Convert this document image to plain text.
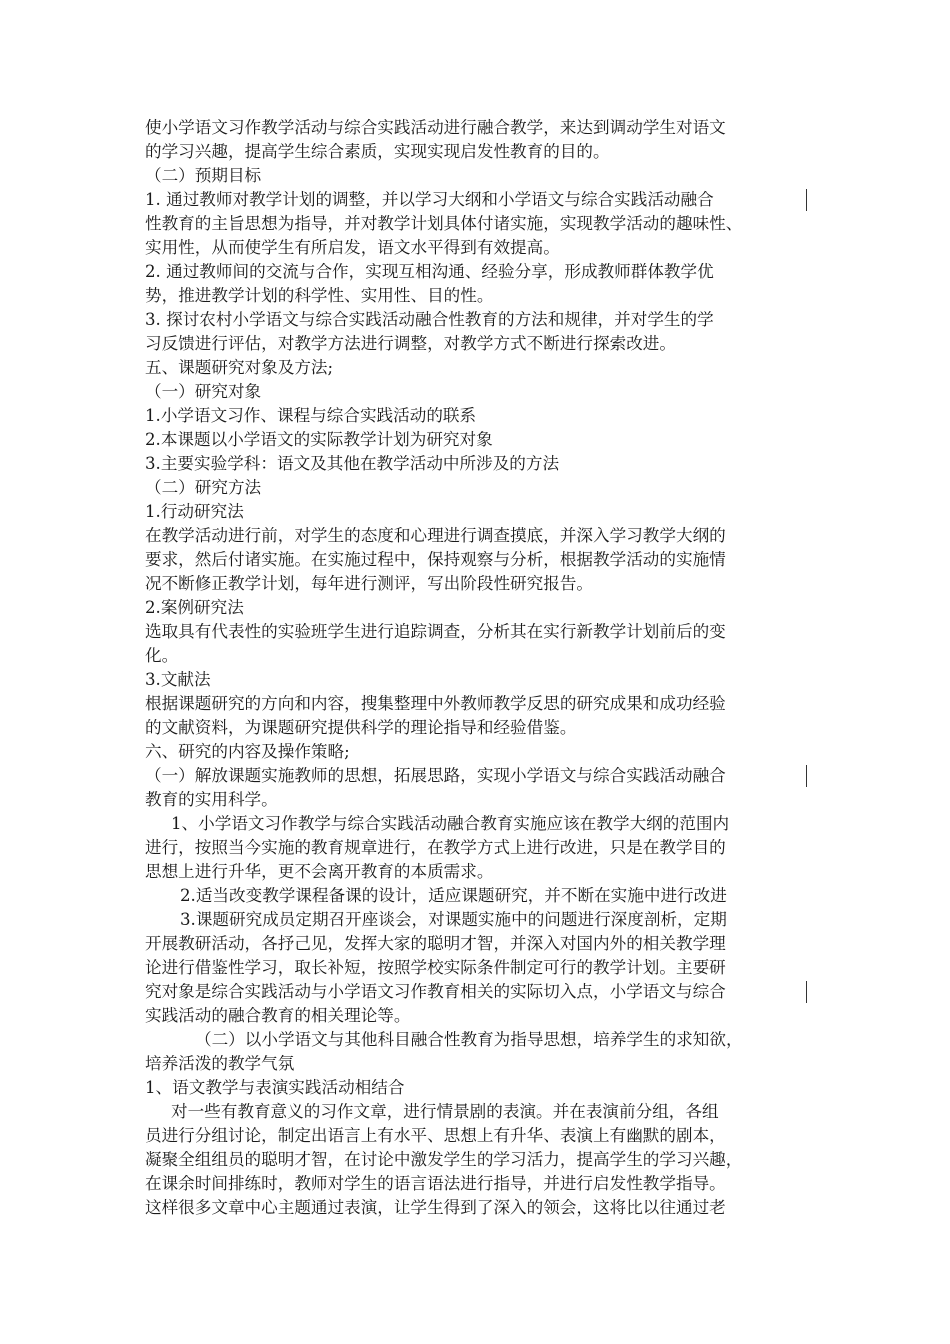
使小学语文习作教学活动与综合实践活动进行融合教学，来达到调动学生对语文
的学习兴趣，提高学生综合素质，实现实现启发性教育的目的。
（二）预期目标
1. 通过教师对教学计划的调整，并以学习大纲和小学语文与综合实践活动融合
性教育的主旨思想为指导，并对教学计划具体付诸实施，实现教学活动的趣味性、
实用性，从而使学生有所启发，语文水平得到有效提高。
2. 通过教师间的交流与合作，实现互相沟通、经验分享，形成教师群体教学优
势，推进教学计划的科学性、实用性、目的性。
3. 探讨农村小学语文与综合实践活动融合性教育的方法和规律，并对学生的学
习反馈进行评估，对教学方法进行调整，对教学方式不断进行探索改进。
五、课题研究对象及方法;
（一）研究对象
1.小学语文习作、课程与综合实践活动的联系
2.本课题以小学语文的实际教学计划为研究对象
3.主要实验学科：语文及其他在教学活动中所涉及的方法
（二）研究方法
1.行动研究法
在教学活动进行前，对学生的态度和心理进行调查摸底，并深入学习教学大纲的
要求，然后付诸实施。在实施过程中，保持观察与分析，根据教学活动的实施情
况不断修正教学计划，每年进行测评，写出阶段性研究报告。
2.案例研究法
选取具有代表性的实验班学生进行追踪调查，分析其在实行新教学计划前后的变
化。
3.文献法
根据课题研究的方向和内容，搜集整理中外教师教学反思的研究成果和成功经验
的文献资料，为课题研究提供科学的理论指导和经验借鉴。
六、研究的内容及操作策略;
（一）解放课题实施教师的思想，拓展思路，实现小学语文与综合实践活动融合
教育的实用科学。
1、小学语文习作教学与综合实践活动融合教育实施应该在教学大纲的范围内
进行，按照当今实施的教育规章进行，在教学方式上进行改进，只是在教学目的
思想上进行升华，更不会离开教育的本质需求。
2.适当改变教学课程备课的设计，适应课题研究，并不断在实施中进行改进
3.课题研究成员定期召开座谈会，对课题实施中的问题进行深度剖析，定期
开展教研活动，各抒己见，发挥大家的聪明才智，并深入对国内外的相关教学理
论进行借鉴性学习，取长补短，按照学校实际条件制定可行的教学计划。主要研
究对象是综合实践活动与小学语文习作教育相关的实际切入点，小学语文与综合
实践活动的融合教育的相关理论等。
（二）以小学语文与其他科目融合性教育为指导思想，培养学生的求知欲，
培养活泼的教学气氛
1、语文教学与表演实践活动相结合
对一些有教育意义的习作文章，进行情景剧的表演。并在表演前分组，各组
员进行分组讨论，制定出语言上有水平、思想上有升华、表演上有幽默的剧本，
凝聚全组组员的聪明才智，在讨论中激发学生的学习活力，提高学生的学习兴趣，
在课余时间排练时，教师对学生的语言语法进行指导，并进行启发性教学指导。
这样很多文章中心主题通过表演，让学生得到了深入的领会，这将比以往通过老
